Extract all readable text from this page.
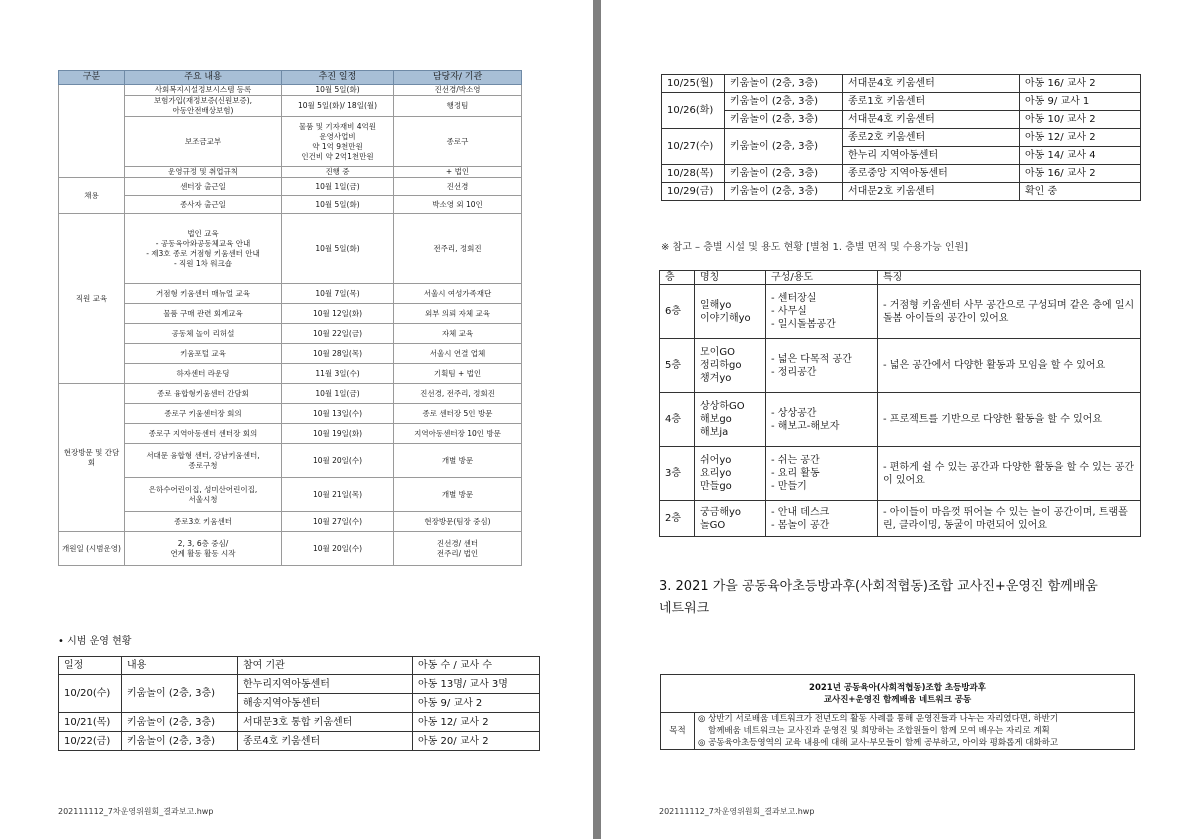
구분	주요 내용	추진 일정	담당자/ 기관

	사회복지시설정보시스템 등록	10월 5일(화)	진선경/박소영

	보험가입(재정보증(신원보증),
아동안전배상보험)	10월 5일(화)/ 18일(월)	행정팀

	보조금교부	물품 및 기자재비 4억원
운영사업비
약 1억 9천만원
인건비 약 2억1천만원	종로구

	운영규정 및 취업규칙	진행 중	+ 법인

채용	센터장 출근일	10월 1일(금)	진선경

	종사자 출근일	10월 5일(화)	박소영 외 10인

직원 교육	법인 교육
- 공동육아와공동체교육 안내
- 제3호 종로 거점형 키움센터 안내
- 직원 1차 워크숍	10월 5일(화)	전주리, 정회진

	거점형 키움센터 매뉴얼 교육	10월 7일(목)	서울시 여성가족재단

	물품 구매 관련 회계교육	10월 12일(화)	외부 의뢰 자체 교육

	공동체 놀이 리허설	10월 22일(금)	자체 교육

	키움포털 교육	10월 28일(목)	서울시 연결 업체

	하자센터 라운딩	11월 3일(수)	기획팀 + 법인

현장방문 및 간담회	종로 융합형키움센터 간담회	10월 1일(금)	진선경, 전주리, 정회진

	종로구 키움센터장 회의	10월 13일(수)	종로 센터장 5인 방문

	종로구 지역아동센터 센터장 회의	10월 19일(화)	지역아동센터장 10인 방문

	서대문 융합형 센터, 강남키움센터,
종로구청	10월 20일(수)	개별 방문

	은하수어린이집, 성미산어린이집,
서울시청	10월 21일(목)	개별 방문

	종로3호 키움센터	10월 27일(수)	현장방문(팀장 중심)

개원일 (시범운영)	2, 3, 6층 중심/
연계 활동 활동 시작	10월 20일(수)	진선경/ 센터
전주리/ 법인
• 시범 운영 현황
일정	내용	참여 기관	아동 수 / 교사 수
10/20(수)	키움놀이 (2층, 3층)	한누리지역아동센터	아동 13명/ 교사 3명
		해송지역아동센터	아동 9/ 교사 2
10/21(목)	키움놀이 (2층, 3층)	서대문3호 통합 키움센터	아동 12/ 교사 2
10/22(금)	키움놀이 (2층, 3층)	종로4호 키움센터	아동 20/ 교사 2
202111112_7차운영위원회_결과보고.hwp
10/25(월)	키움놀이 (2층, 3층)	서대문4호 키움센터	아동 16/ 교사 2
10/26(화)	키움놀이 (2층, 3층)	종로1호 키움센터	아동 9/ 교사 1
	키움놀이 (2층, 3층)	서대문4호 키움센터	아동 10/ 교사 2
10/27(수)	키움놀이 (2층, 3층)	종로2호 키움센터	아동 12/ 교사 2
		한누리 지역아동센터	아동 14/ 교사 4
10/28(목)	키움놀이 (2층, 3층)	종로중앙 지역아동센터	아동 16/ 교사 2
10/29(금)	키움놀이 (2층, 3층)	서대문2호 키움센터	확인 중
※ 참고 – 층별 시설 및 용도 현황 [별첨 1. 층별 면적 및 수용가능 인원]
층	명칭	구성/용도	특징
6층	일해yo
이야기해yo	- 센터장실
- 사무실
- 일시돌봄공간	- 거점형 키움센터 사무 공간으로 구성되며 같은 층에 일시 돌봄 아이들의 공간이 있어요
5층	모이GO
정리하go
챙겨yo	- 넓은 다목적 공간
- 정리공간	- 넓은 공간에서 다양한 활동과 모임을 할 수 있어요
4층	상상하GO
해보go
해보ja	- 상상공간
- 해보고-해보자	- 프로젝트를 기반으로 다양한 활동을 할 수 있어요
3층	쉬어yo
요리yo
만들go	- 쉬는 공간
- 요리 활동
- 만들기	- 편하게 쉴 수 있는 공간과 다양한 활동을 할 수 있는 공간이 있어요
2층	궁금해yo
놀GO	- 안내 데스크
- 몸놀이 공간	- 아이들이 마음껏 뛰어놀 수 있는 놀이 공간이며, 트램폴린, 클라이밍, 동굴이 마련되어 있어요
3. 2021 가을 공동육아초등방과후(사회적협동)조합 교사진+운영진 함께배움
네트워크
2021년 공동육아(사회적협동)조합 초등방과후
교사진+운영진 함께배움 네트워크 공동

목적	
◎ 상반기 서로배움 네트워크가 전년도의 활동 사례를 통해 운영진들과 나누는 자리였다면, 하반기
함께배움 네트워크는 교사진과 운영진 및 희망하는 조합원들이 함께 모여 배우는 자리로 계획
◎ 공동육아초등영역의 교육 내용에 대해 교사·부모들이 함께 공부하고, 아이와 평화롭게 대화하고
202111112_7차운영위원회_결과보고.hwp
